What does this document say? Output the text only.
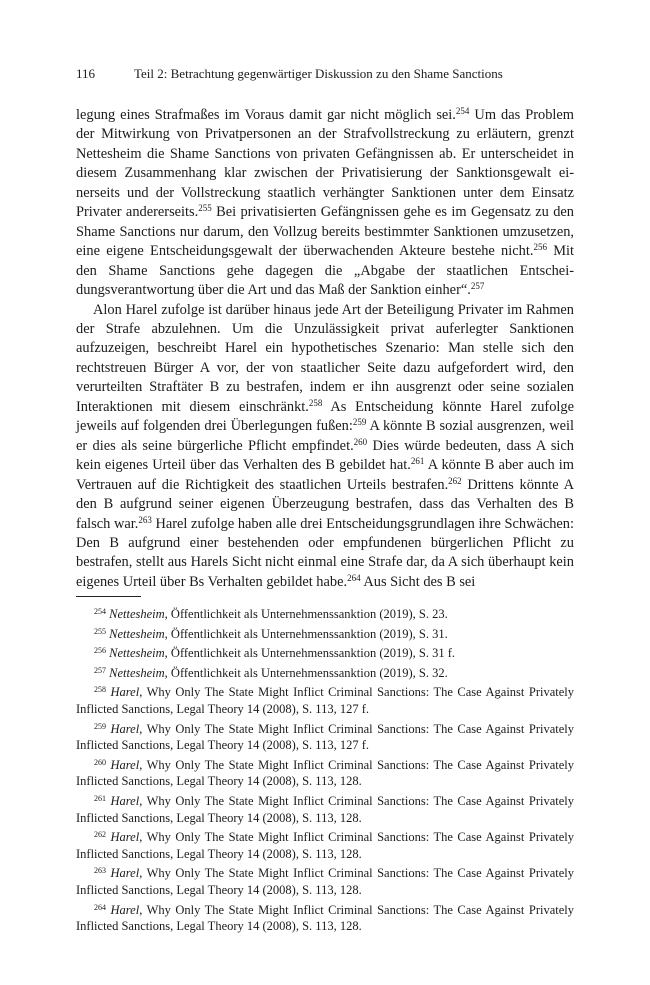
116	Teil 2: Betrachtung gegenwärtiger Diskussion zu den Shame Sanctions

legung eines Strafmaßes im Voraus damit gar nicht möglich sei.$^{254}$ Um das Problem der Mitwirkung von Privatpersonen an der Strafvollstreckung zu erläutern, grenzt Nettesheim die Shame Sanctions von privaten Gefängnissen ab. Er unterscheidet in diesem Zusammenhang klar zwischen der Privatisierung der Sanktionsgewalt einerseits und der Vollstreckung staatlich verhängter Sanktionen unter dem Einsatz Privater andererseits.$^{255}$ Bei privatisierten Gefängnissen gehe es im Gegensatz zu den Shame Sanctions nur darum, den Vollzug bereits bestimmter Sanktionen umzusetzen, eine eigene Entscheidungsgewalt der überwachenden Akteure bestehe nicht.$^{256}$ Mit den Shame Sanctions gehe dagegen die „Abgabe der staatlichen Entscheidungsverantwortung über die Art und das Maß der Sanktion einher“.$^{257}$

Alon Harel zufolge ist darüber hinaus jede Art der Beteiligung Privater im Rahmen der Strafe abzulehnen. Um die Unzulässigkeit privat auferlegter Sanktionen aufzuzeigen, beschreibt Harel ein hypothetisches Szenario: Man stelle sich den rechtstreuen Bürger A vor, der von staatlicher Seite dazu aufgefordert wird, den verurteilten Straftäter B zu bestrafen, indem er ihn ausgrenzt oder seine sozialen Interaktionen mit diesem einschränkt.$^{258}$ As Entscheidung könnte Harel zufolge jeweils auf folgenden drei Überlegungen fußen:$^{259}$ A könnte B sozial ausgrenzen, weil er dies als seine bürgerliche Pflicht empfindet.$^{260}$ Dies würde bedeuten, dass A sich kein eigenes Urteil über das Verhalten des B gebildet hat.$^{261}$ A könnte B aber auch im Vertrauen auf die Richtigkeit des staatlichen Urteils bestrafen.$^{262}$ Drittens könnte A den B aufgrund seiner eigenen Überzeugung bestrafen, dass das Verhalten des B falsch war.$^{263}$ Harel zufolge haben alle drei Entscheidungsgrundlagen ihre Schwächen: Den B aufgrund einer bestehenden oder empfundenen bürgerlichen Pflicht zu bestrafen, stellt aus Harels Sicht nicht einmal eine Strafe dar, da A sich überhaupt kein eigenes Urteil über Bs Verhalten gebildet habe.$^{264}$ Aus Sicht des B sei

$^{254}$ Nettesheim, Öffentlichkeit als Unternehmenssanktion (2019), S. 23.
$^{255}$ Nettesheim, Öffentlichkeit als Unternehmenssanktion (2019), S. 31.
$^{256}$ Nettesheim, Öffentlichkeit als Unternehmenssanktion (2019), S. 31 f.
$^{257}$ Nettesheim, Öffentlichkeit als Unternehmenssanktion (2019), S. 32.
$^{258}$ Harel, Why Only The State Might Inflict Criminal Sanctions: The Case Against Privately Inflicted Sanctions, Legal Theory 14 (2008), S. 113, 127 f.
$^{259}$ Harel, Why Only The State Might Inflict Criminal Sanctions: The Case Against Privately Inflicted Sanctions, Legal Theory 14 (2008), S. 113, 127 f.
$^{260}$ Harel, Why Only The State Might Inflict Criminal Sanctions: The Case Against Privately Inflicted Sanctions, Legal Theory 14 (2008), S. 113, 128.
$^{261}$ Harel, Why Only The State Might Inflict Criminal Sanctions: The Case Against Privately Inflicted Sanctions, Legal Theory 14 (2008), S. 113, 128.
$^{262}$ Harel, Why Only The State Might Inflict Criminal Sanctions: The Case Against Privately Inflicted Sanctions, Legal Theory 14 (2008), S. 113, 128.
$^{263}$ Harel, Why Only The State Might Inflict Criminal Sanctions: The Case Against Privately Inflicted Sanctions, Legal Theory 14 (2008), S. 113, 128.
$^{264}$ Harel, Why Only The State Might Inflict Criminal Sanctions: The Case Against Privately Inflicted Sanctions, Legal Theory 14 (2008), S. 113, 128.
